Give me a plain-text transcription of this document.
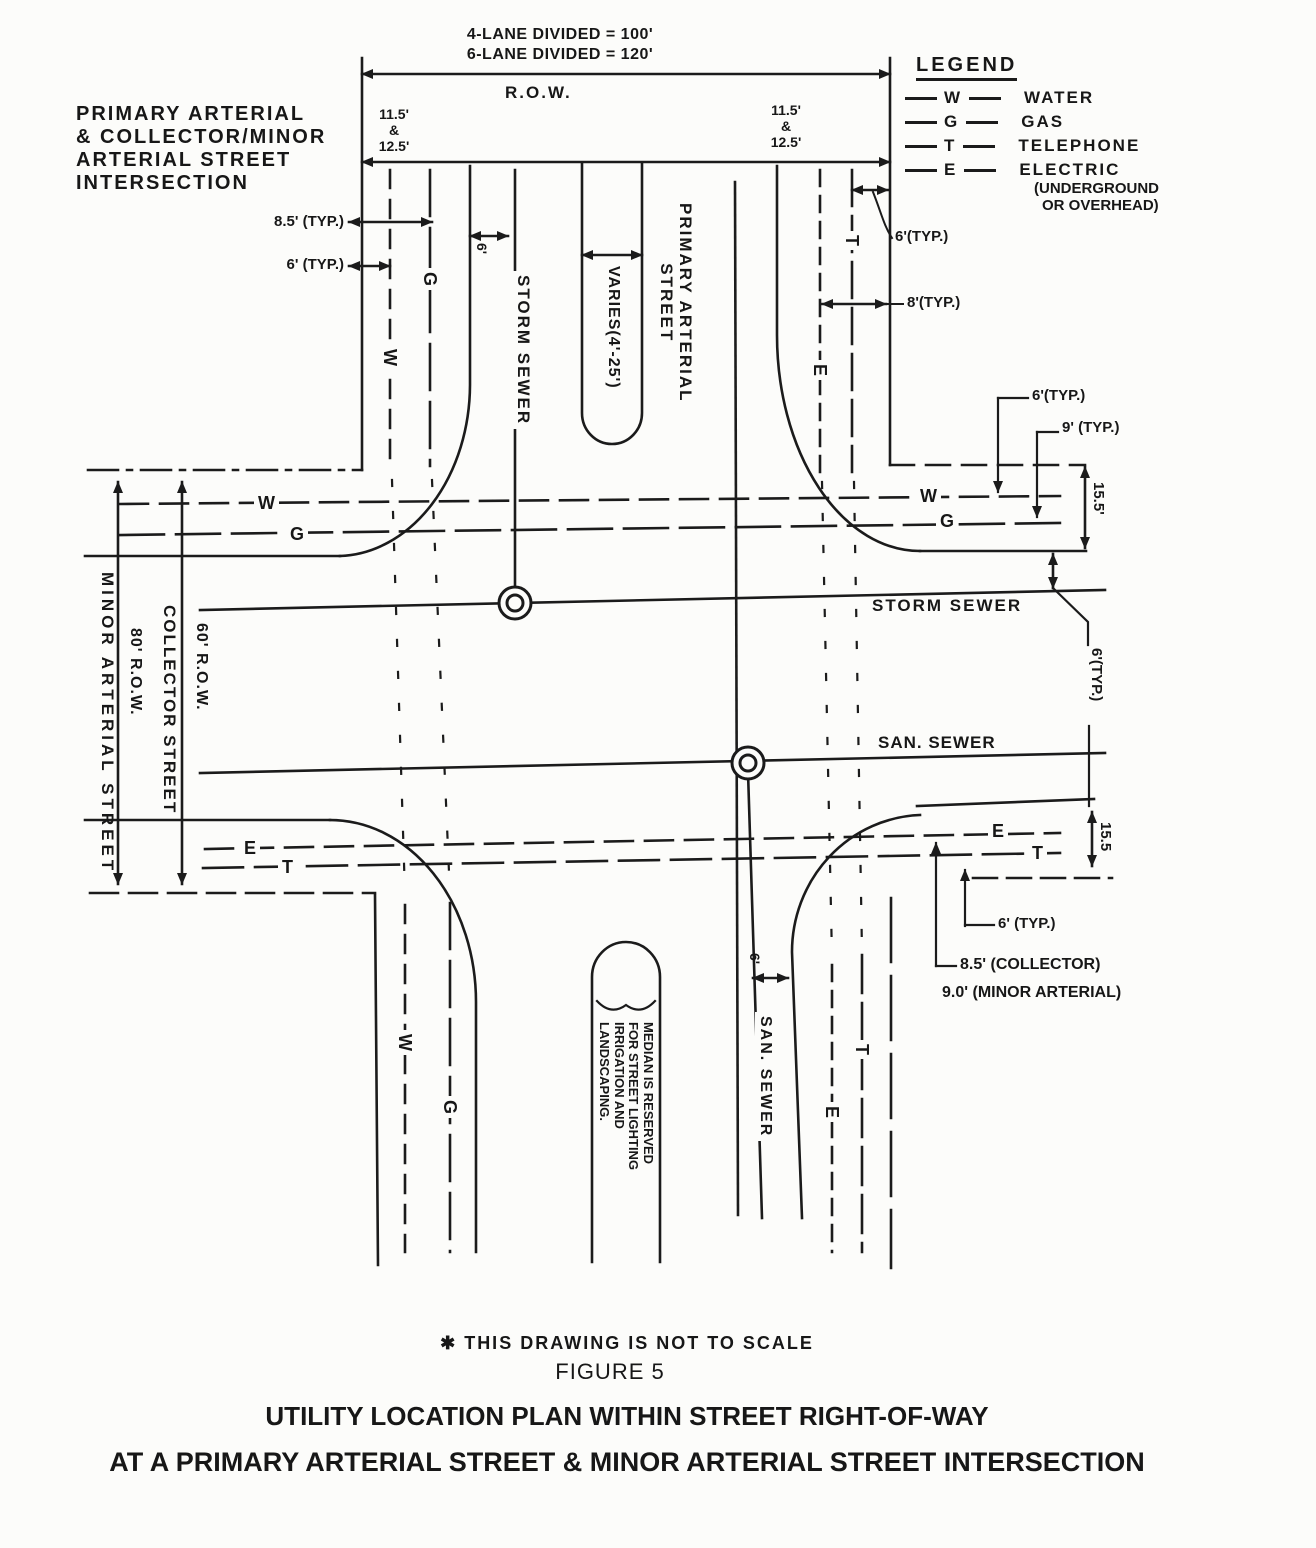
4-LANE DIVIDED = 100'
6-LANE DIVIDED = 120'
R.O.W.
11.5'
&
12.5'
11.5'
&
12.5'
PRIMARY ARTERIAL
& COLLECTOR/MINOR
ARTERIAL STREET
INTERSECTION
LEGEND
W	WATER
G	GAS
T	TELEPHONE
E	ELECTRIC
(UNDERGROUND
OR OVERHEAD)
8.5' (TYP.)
6' (TYP.)
6'
6'(TYP.)
8'(TYP.)
6'(TYP.)
9' (TYP.)
15.5'
6'(TYP.)
15.5
6' (TYP.)
8.5' (COLLECTOR)
9.0' (MINOR ARTERIAL)
6'
G
W
T
E
STORM SEWER	VARIES(4'-25')	PRIMARY ARTERIAL
STREET
MINOR ARTERIAL STREET 80' R.O.W. COLLECTOR STREET 60' R.O.W.
W
G
E
T
W
G
E
T
STORM SEWER
SAN. SEWER
W
G	SAN. SEWER	T
E
MEDIAN IS RESERVED
FOR STREET LIGHTING
IRRIGATION AND
LANDSCAPING.
✱ THIS DRAWING IS NOT TO SCALE
FIGURE 5
UTILITY LOCATION PLAN WITHIN STREET RIGHT-OF-WAY
AT A PRIMARY ARTERIAL STREET & MINOR ARTERIAL STREET INTERSECTION
